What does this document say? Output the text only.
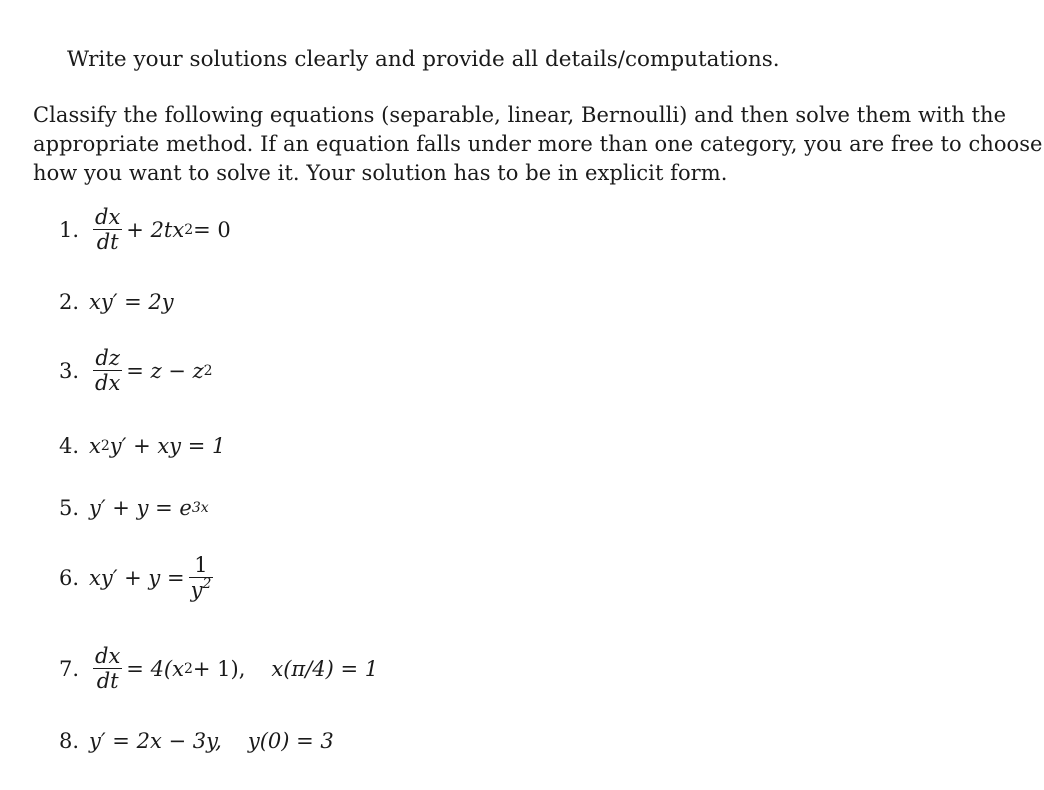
Write your solutions clearly and provide all details/computations.
Classify the following equations (separable, linear, Bernoulli) and then solve them with the
appropriate method. If an equation falls under more than one category, you are free to choose
how you want to solve it. Your solution has to be in explicit form.
1. $\frac{dx}{dt} + 2tx$ 2 = 0
2. xy′ = 2y
3. $\frac{dz}{dx} = z - z$ 2
4. x 2 y′ + xy = 1
5. y′ + y = e 3x
6. $xy' + y = \frac{1}{y^2}$
7. $\frac{dx}{dt} = 4(x$ 2 + 1), x(π/4) = 1
8. y′ = 2x − 3y, y(0) = 3
